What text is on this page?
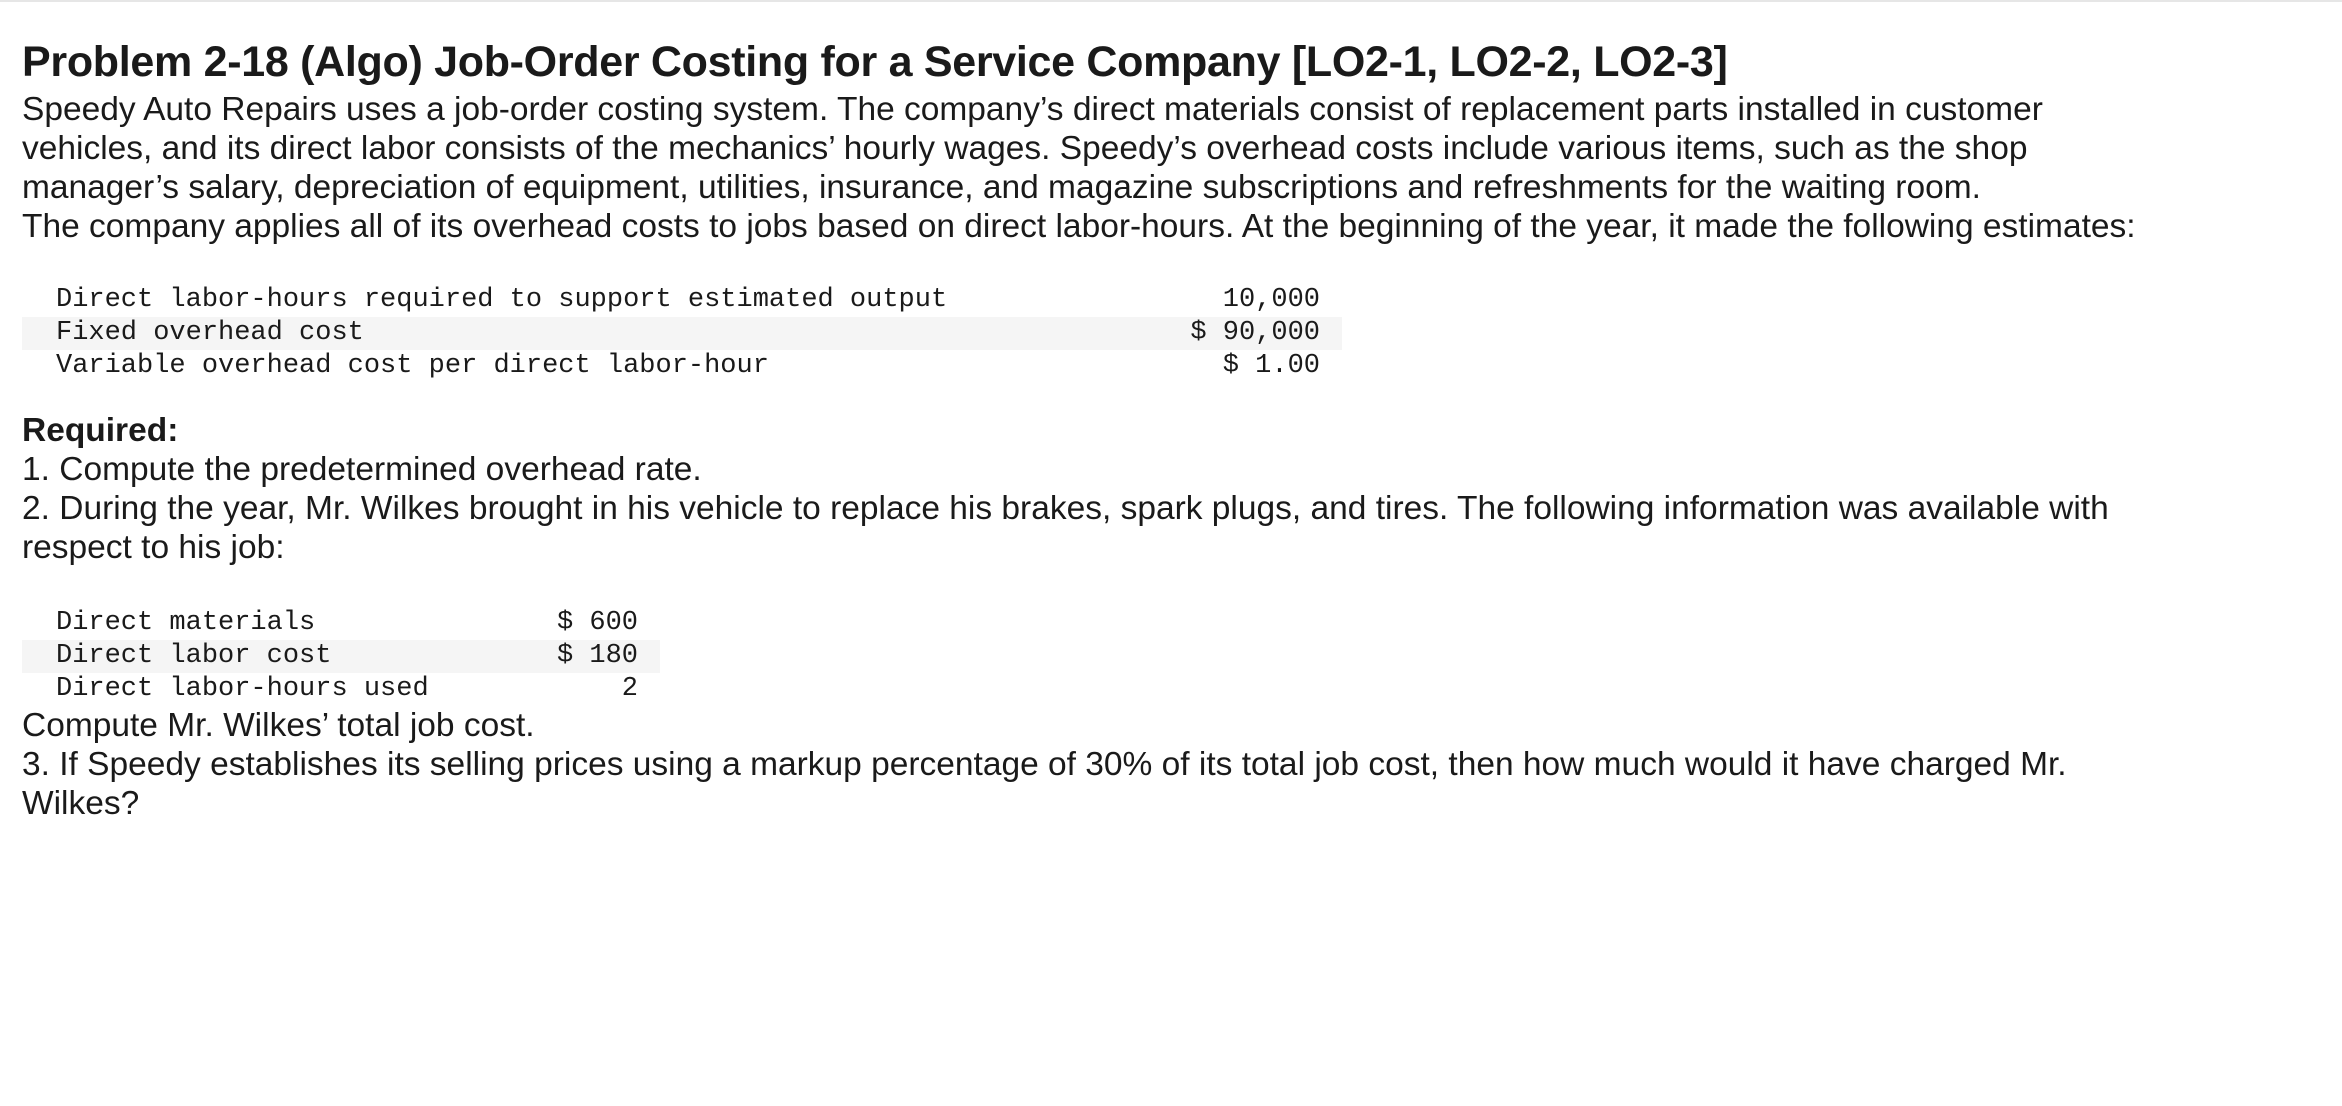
Problem 2-18 (Algo) Job-Order Costing for a Service Company [LO2-1, LO2-2, LO2-3]

Speedy Auto Repairs uses a job-order costing system. The company’s direct materials consist of replacement parts installed in customer vehicles, and its direct labor consists of the mechanics’ hourly wages. Speedy’s overhead costs include various items, such as the shop manager’s salary, depreciation of equipment, utilities, insurance, and magazine subscriptions and refreshments for the waiting room.

The company applies all of its overhead costs to jobs based on direct labor-hours. At the beginning of the year, it made the following estimates:

Direct labor-hours required to support estimated output	10,000
Fixed overhead cost	$ 90,000
Variable overhead cost per direct labor-hour	$ 1.00
Required:

1. Compute the predetermined overhead rate.

2. During the year, Mr. Wilkes brought in his vehicle to replace his brakes, spark plugs, and tires. The following information was available with respect to his job:

Direct materials	$ 600
Direct labor cost	$ 180
Direct labor-hours used	2

Compute Mr. Wilkes’ total job cost.

3. If Speedy establishes its selling prices using a markup percentage of 30% of its total job cost, then how much would it have charged Mr. Wilkes?
